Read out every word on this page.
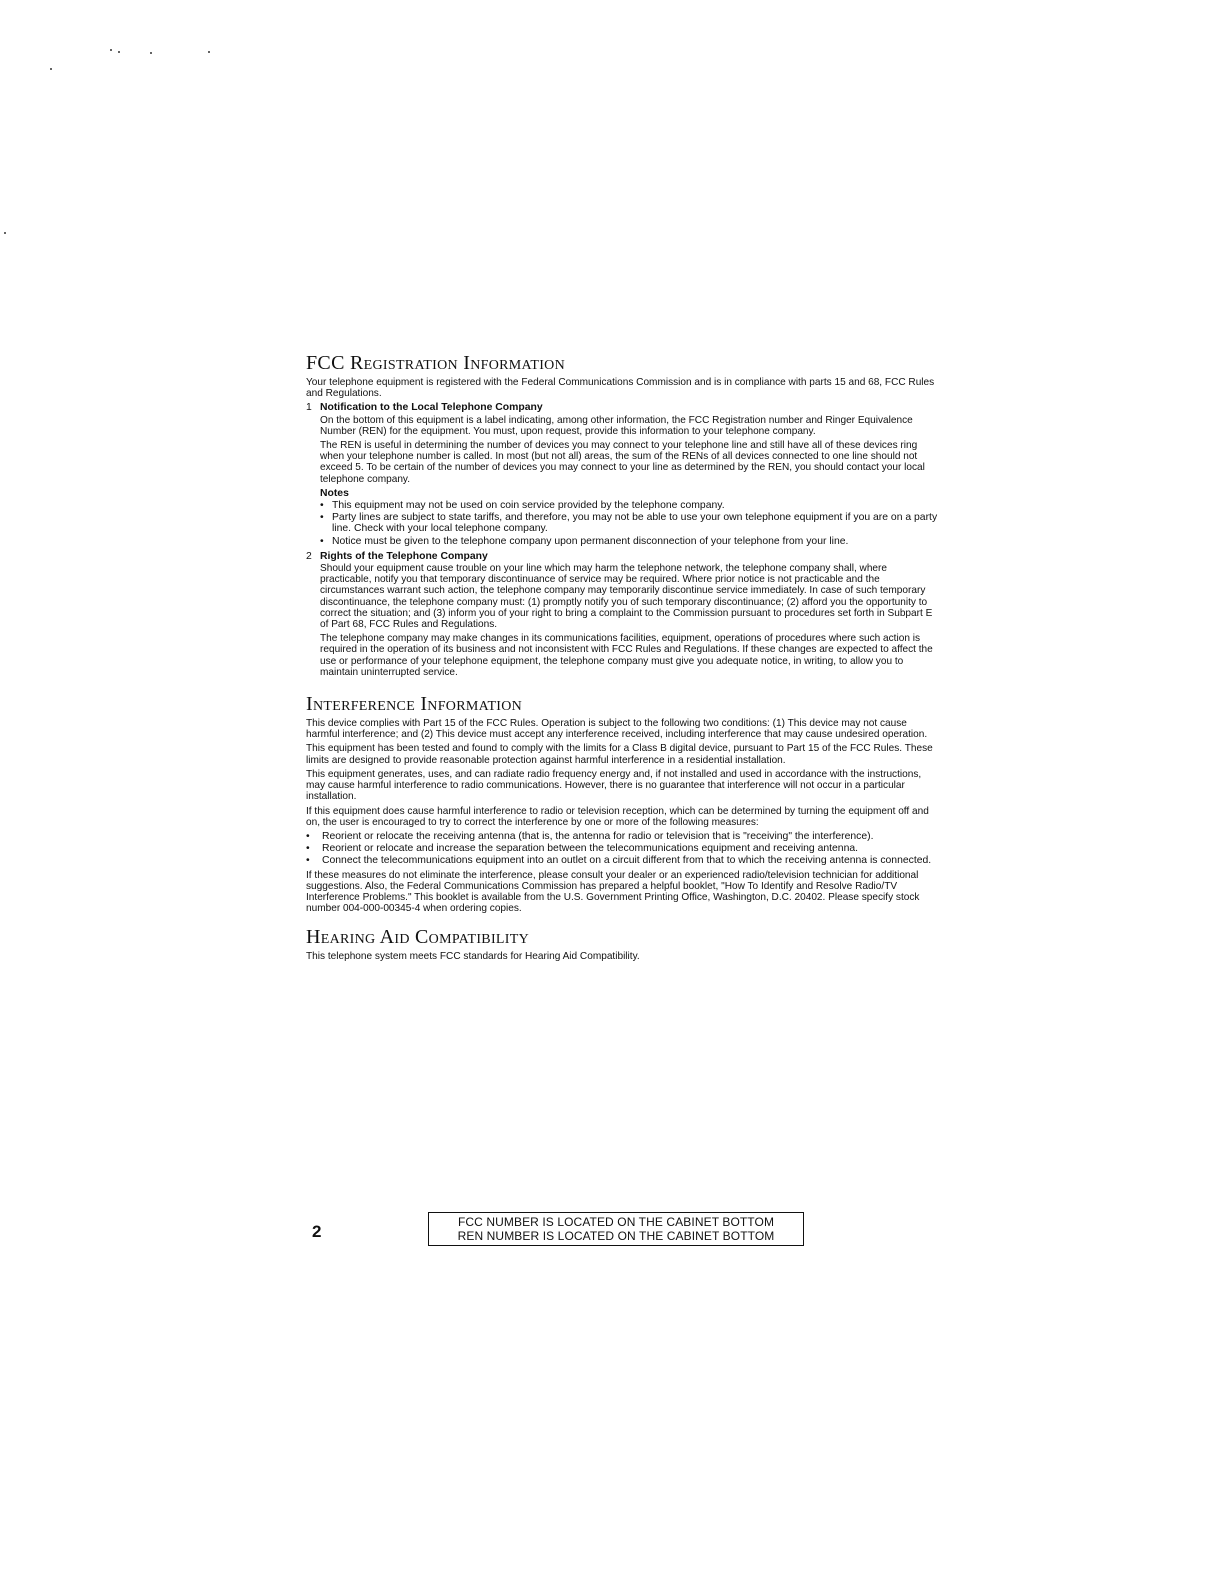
FCC Registration Information

Your telephone equipment is registered with the Federal Communications Commission and is in compliance with parts 15 and 68, FCC Rules and Regulations.

1 Notification to the Local Telephone Company

On the bottom of this equipment is a label indicating, among other information, the FCC Registration number and Ringer Equivalence Number (REN) for the equipment. You must, upon request, provide this information to your telephone company.

The REN is useful in determining the number of devices you may connect to your telephone line and still have all of these devices ring when your telephone number is called. In most (but not all) areas, the sum of the RENs of all devices connected to one line should not exceed 5. To be certain of the number of devices you may connect to your line as determined by the REN, you should contact your local telephone company.

Notes
• This equipment may not be used on coin service provided by the telephone company.
• Party lines are subject to state tariffs, and therefore, you may not be able to use your own telephone equipment if you are on a party line. Check with your local telephone company.
• Notice must be given to the telephone company upon permanent disconnection of your telephone from your line.
2 Rights of the Telephone Company

Should your equipment cause trouble on your line which may harm the telephone network, the telephone company shall, where practicable, notify you that temporary discontinuance of service may be required. Where prior notice is not practicable and the circumstances warrant such action, the telephone company may temporarily discontinue service immediately. In case of such temporary discontinuance, the telephone company must: (1) promptly notify you of such temporary discontinuance; (2) afford you the opportunity to correct the situation; and (3) inform you of your right to bring a complaint to the Commission pursuant to procedures set forth in Subpart E of Part 68, FCC Rules and Regulations.

The telephone company may make changes in its communications facilities, equipment, operations of procedures where such action is required in the operation of its business and not inconsistent with FCC Rules and Regulations. If these changes are expected to affect the use or performance of your telephone equipment, the telephone company must give you adequate notice, in writing, to allow you to maintain uninterrupted service.

Interference Information

This device complies with Part 15 of the FCC Rules. Operation is subject to the following two conditions: (1) This device may not cause harmful interference; and (2) This device must accept any interference received, including interference that may cause undesired operation.

This equipment has been tested and found to comply with the limits for a Class B digital device, pursuant to Part 15 of the FCC Rules. These limits are designed to provide reasonable protection against harmful interference in a residential installation.

This equipment generates, uses, and can radiate radio frequency energy and, if not installed and used in accordance with the instructions, may cause harmful interference to radio communications. However, there is no guarantee that interference will not occur in a particular installation.

If this equipment does cause harmful interference to radio or television reception, which can be determined by turning the equipment off and on, the user is encouraged to try to correct the interference by one or more of the following measures:

•	Reorient or relocate the receiving antenna (that is, the antenna for radio or television that is "receiving" the interference).
•	Reorient or relocate and increase the separation between the telecommunications equipment and receiving antenna.
•	Connect the telecommunications equipment into an outlet on a circuit different from that to which the receiving antenna is connected.

If these measures do not eliminate the interference, please consult your dealer or an experienced radio/television technician for additional suggestions. Also, the Federal Communications Commission has prepared a helpful booklet, "How To Identify and Resolve Radio/TV Interference Problems." This booklet is available from the U.S. Government Printing Office, Washington, D.C. 20402. Please specify stock number 004-000-00345-4 when ordering copies.

Hearing Aid Compatibility

This telephone system meets FCC standards for Hearing Aid Compatibility.

2	FCC NUMBER IS LOCATED ON THE CABINET BOTTOM
REN NUMBER IS LOCATED ON THE CABINET BOTTOM
